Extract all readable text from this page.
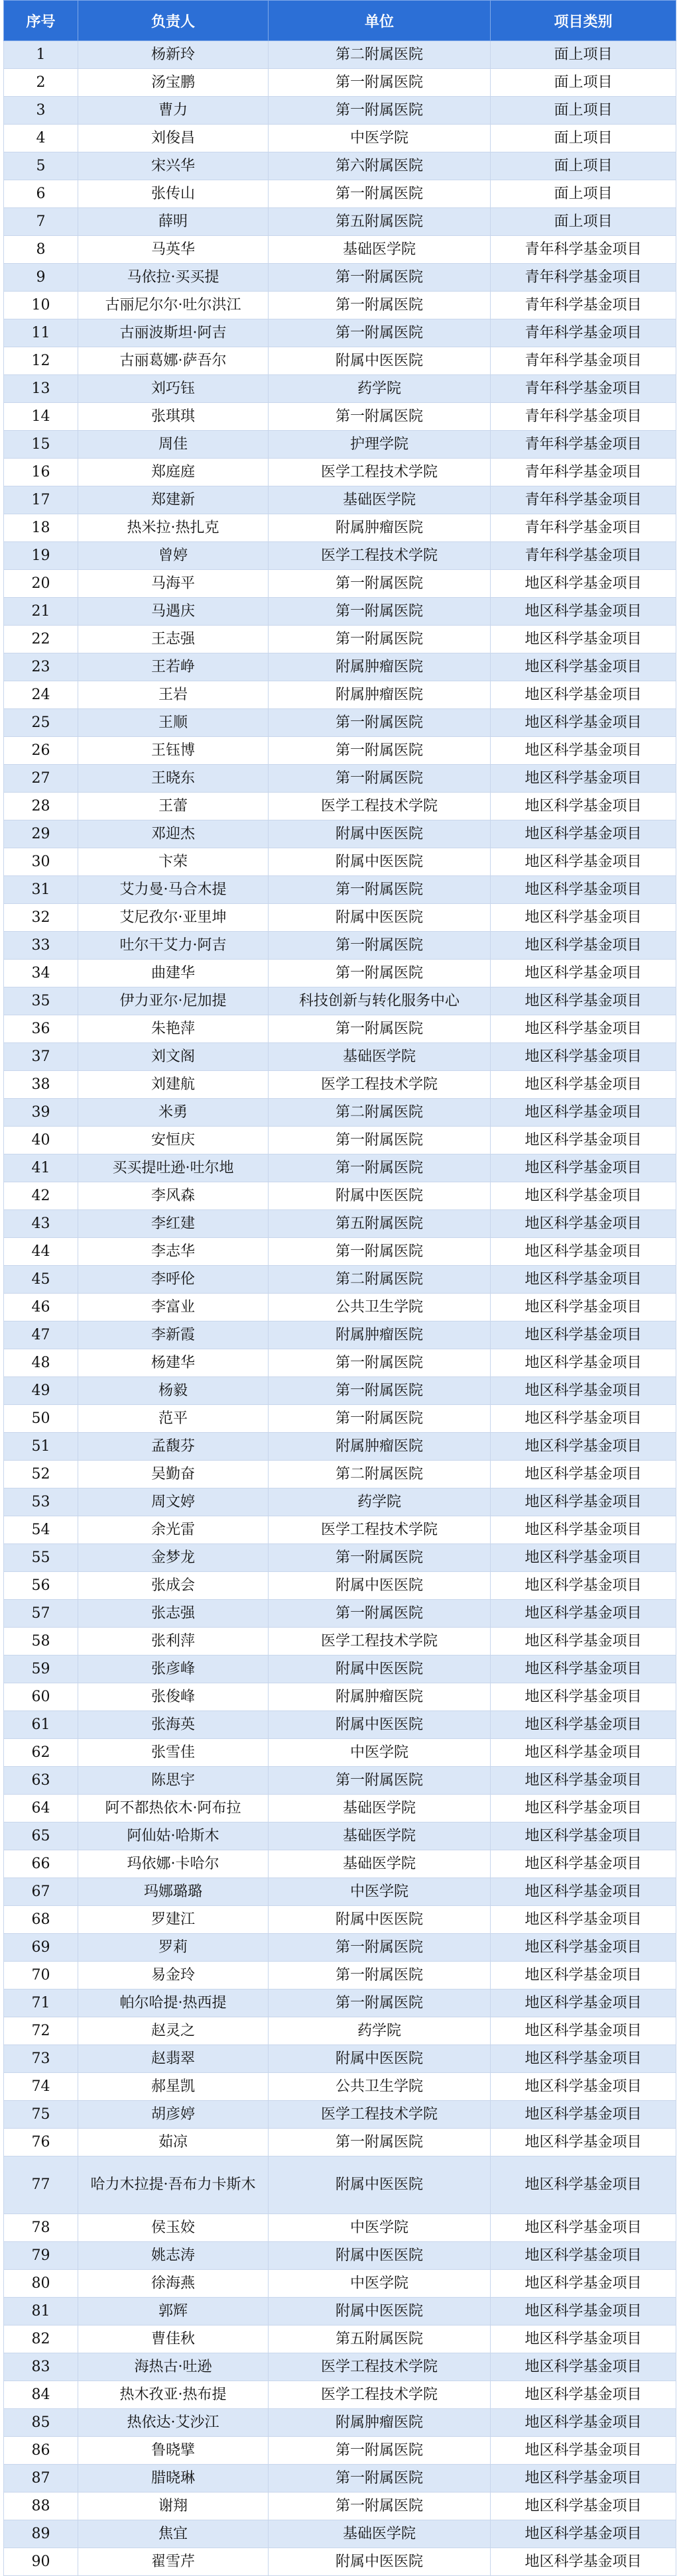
序号	负责人	单位	项目类别
1	杨新玲	第二附属医院	面上项目
2	汤宝鹏	第一附属医院	面上项目
3	曹力	第一附属医院	面上项目
4	刘俊昌	中医学院	面上项目
5	宋兴华	第六附属医院	面上项目
6	张传山	第一附属医院	面上项目
7	薛明	第五附属医院	面上项目
8	马英华	基础医学院	青年科学基金项目
9	马依拉·买买提	第一附属医院	青年科学基金项目
10	古丽尼尔尔·吐尔洪江	第一附属医院	青年科学基金项目
11	古丽波斯坦·阿吉	第一附属医院	青年科学基金项目
12	古丽葛娜·萨吾尔	附属中医医院	青年科学基金项目
13	刘巧钰	药学院	青年科学基金项目
14	张琪琪	第一附属医院	青年科学基金项目
15	周佳	护理学院	青年科学基金项目
16	郑庭庭	医学工程技术学院	青年科学基金项目
17	郑建新	基础医学院	青年科学基金项目
18	热米拉·热扎克	附属肿瘤医院	青年科学基金项目
19	曾婷	医学工程技术学院	青年科学基金项目
20	马海平	第一附属医院	地区科学基金项目
21	马遇庆	第一附属医院	地区科学基金项目
22	王志强	第一附属医院	地区科学基金项目
23	王若峥	附属肿瘤医院	地区科学基金项目
24	王岩	附属肿瘤医院	地区科学基金项目
25	王顺	第一附属医院	地区科学基金项目
26	王钰博	第一附属医院	地区科学基金项目
27	王晓东	第一附属医院	地区科学基金项目
28	王蕾	医学工程技术学院	地区科学基金项目
29	邓迎杰	附属中医医院	地区科学基金项目
30	卞荣	附属中医医院	地区科学基金项目
31	艾力曼·马合木提	第一附属医院	地区科学基金项目
32	艾尼孜尔·亚里坤	附属中医医院	地区科学基金项目
33	吐尔干艾力·阿吉	第一附属医院	地区科学基金项目
34	曲建华	第一附属医院	地区科学基金项目
35	伊力亚尔·尼加提	科技创新与转化服务中心	地区科学基金项目
36	朱艳萍	第一附属医院	地区科学基金项目
37	刘文阁	基础医学院	地区科学基金项目
38	刘建航	医学工程技术学院	地区科学基金项目
39	米勇	第二附属医院	地区科学基金项目
40	安恒庆	第一附属医院	地区科学基金项目
41	买买提吐逊·吐尔地	第一附属医院	地区科学基金项目
42	李风森	附属中医医院	地区科学基金项目
43	李红建	第五附属医院	地区科学基金项目
44	李志华	第一附属医院	地区科学基金项目
45	李呼伦	第二附属医院	地区科学基金项目
46	李富业	公共卫生学院	地区科学基金项目
47	李新霞	附属肿瘤医院	地区科学基金项目
48	杨建华	第一附属医院	地区科学基金项目
49	杨毅	第一附属医院	地区科学基金项目
50	范平	第一附属医院	地区科学基金项目
51	孟馥芬	附属肿瘤医院	地区科学基金项目
52	吴勤奋	第二附属医院	地区科学基金项目
53	周文婷	药学院	地区科学基金项目
54	余光雷	医学工程技术学院	地区科学基金项目
55	金梦龙	第一附属医院	地区科学基金项目
56	张成会	附属中医医院	地区科学基金项目
57	张志强	第一附属医院	地区科学基金项目
58	张利萍	医学工程技术学院	地区科学基金项目
59	张彦峰	附属中医医院	地区科学基金项目
60	张俊峰	附属肿瘤医院	地区科学基金项目
61	张海英	附属中医医院	地区科学基金项目
62	张雪佳	中医学院	地区科学基金项目
63	陈思宇	第一附属医院	地区科学基金项目
64	阿不都热依木·阿布拉	基础医学院	地区科学基金项目
65	阿仙姑·哈斯木	基础医学院	地区科学基金项目
66	玛依娜·卡哈尔	基础医学院	地区科学基金项目
67	玛娜璐璐	中医学院	地区科学基金项目
68	罗建江	附属中医医院	地区科学基金项目
69	罗莉	第一附属医院	地区科学基金项目
70	易金玲	第一附属医院	地区科学基金项目
71	帕尔哈提·热西提	第一附属医院	地区科学基金项目
72	赵灵之	药学院	地区科学基金项目
73	赵翡翠	附属中医医院	地区科学基金项目
74	郝星凯	公共卫生学院	地区科学基金项目
75	胡彦婷	医学工程技术学院	地区科学基金项目
76	茹凉	第一附属医院	地区科学基金项目
77	哈力木拉提·吾布力卡斯木	附属中医医院	地区科学基金项目
78	侯玉姣	中医学院	地区科学基金项目
79	姚志涛	附属中医医院	地区科学基金项目
80	徐海燕	中医学院	地区科学基金项目
81	郭辉	附属中医医院	地区科学基金项目
82	曹佳秋	第五附属医院	地区科学基金项目
83	海热古·吐逊	医学工程技术学院	地区科学基金项目
84	热木孜亚·热布提	医学工程技术学院	地区科学基金项目
85	热依达·艾沙江	附属肿瘤医院	地区科学基金项目
86	鲁晓擘	第一附属医院	地区科学基金项目
87	腊晓琳	第一附属医院	地区科学基金项目
88	谢翔	第一附属医院	地区科学基金项目
89	焦宜	基础医学院	地区科学基金项目
90	翟雪芹	附属中医医院	地区科学基金项目
